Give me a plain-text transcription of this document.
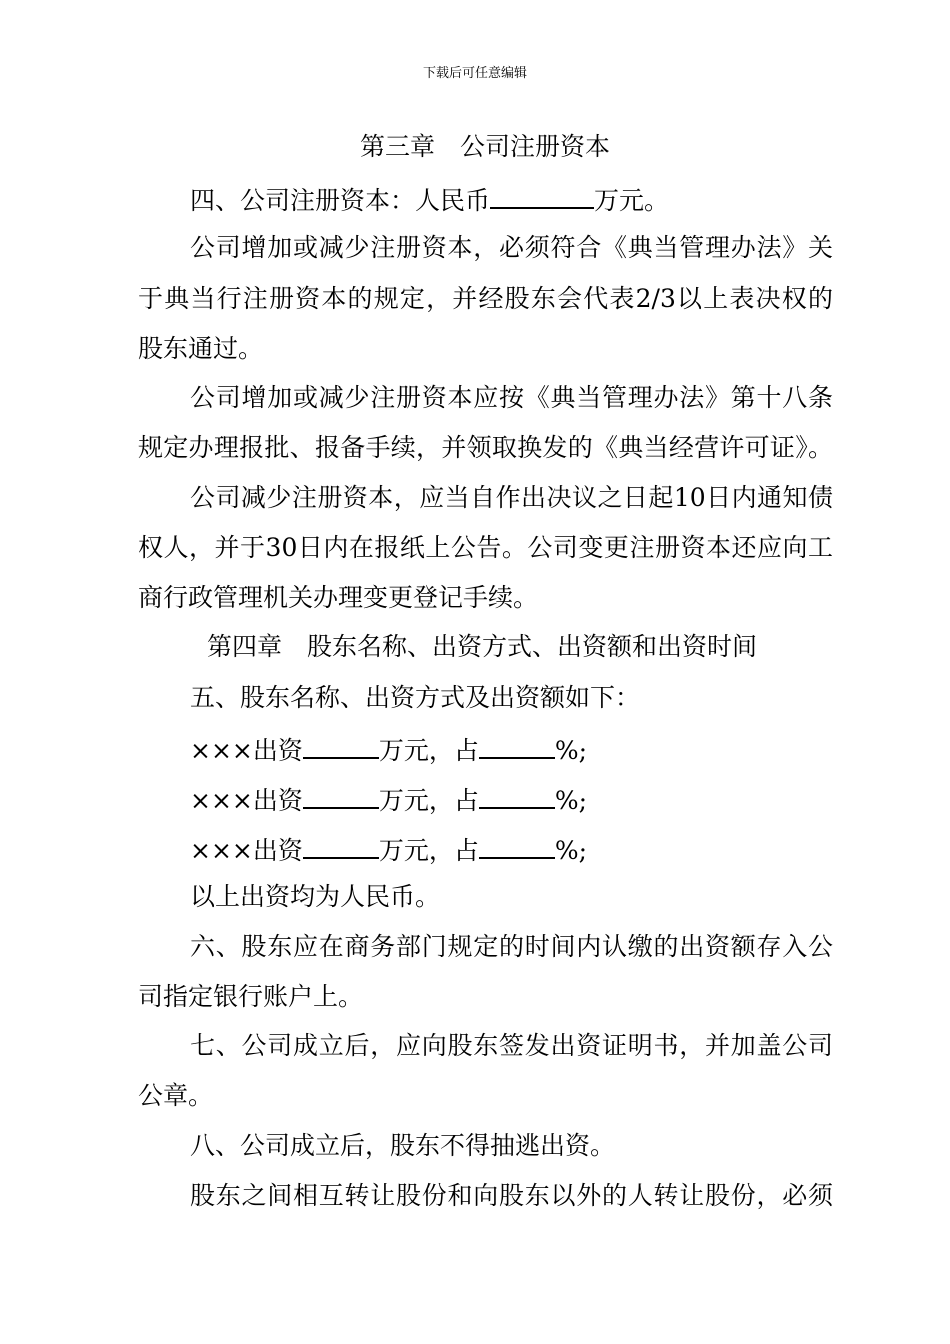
下载后可任意编辑
第三章　公司注册资本
四、公司注册资本：人民币	万元。
公司增加或减少注册资本，必须符合《典当管理办法》关
于典当行注册资本的规定，并经股东会代表2/3以上表决权的
股东通过。
公司增加或减少注册资本应按《典当管理办法》第十八条
规定办理报批、报备手续，并领取换发的《典当经营许可证》。
公司减少注册资本，应当自作出决议之日起10日内通知债
权人，并于30日内在报纸上公告。公司变更注册资本还应向工
商行政管理机关办理变更登记手续。
第四章　股东名称、出资方式、出资额和出资时间
五、股东名称、出资方式及出资额如下：
×××出资	万元，占	%;
×××出资	万元，占	%;
×××出资	万元，占	%;
以上出资均为人民币。
六、股东应在商务部门规定的时间内认缴的出资额存入公
司指定银行账户上。
七、公司成立后，应向股东签发出资证明书，并加盖公司
公章。
八、公司成立后，股东不得抽逃出资。
股东之间相互转让股份和向股东以外的人转让股份，必须
